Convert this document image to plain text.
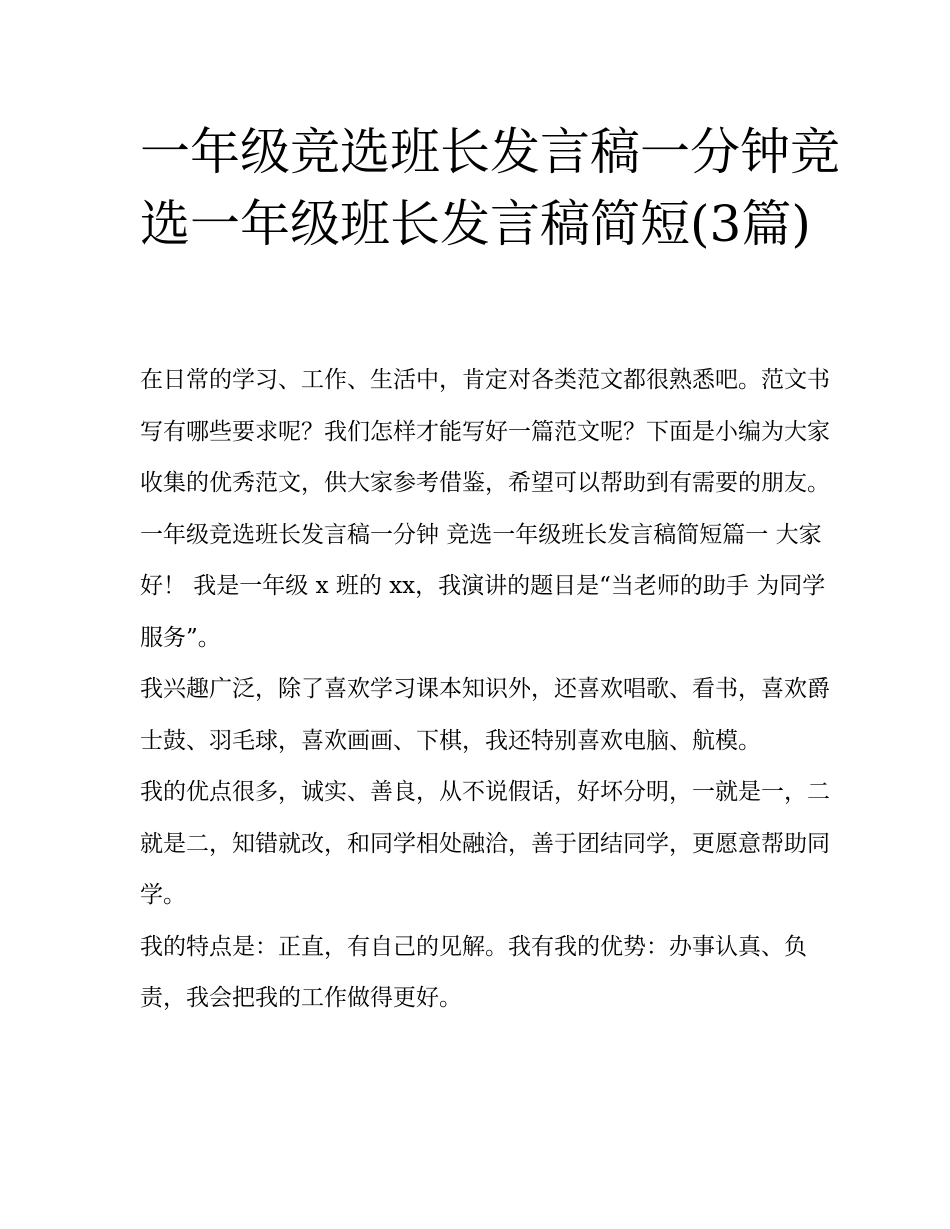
一年级竞选班长发言稿一分钟竞选一年级班长发言稿简短(3篇)

在日常的学习、工作、生活中，肯定对各类范文都很熟悉吧。范文书写有哪些要求呢？我们怎样才能写好一篇范文呢？下面是小编为大家收集的优秀范文，供大家参考借鉴，希望可以帮助到有需要的朋友。

一年级竞选班长发言稿一分钟 竞选一年级班长发言稿简短篇一 大家好！ 我是一年级 x 班的 xx，我演讲的题目是“当老师的助手 为同学服务”。

我兴趣广泛，除了喜欢学习课本知识外，还喜欢唱歌、看书，喜欢爵士鼓、羽毛球，喜欢画画、下棋，我还特别喜欢电脑、航模。

我的优点很多，诚实、善良，从不说假话，好坏分明，一就是一，二就是二，知错就改，和同学相处融洽，善于团结同学，更愿意帮助同学。

我的特点是：正直，有自己的见解。我有我的优势：办事认真、负责，我会把我的工作做得更好。
